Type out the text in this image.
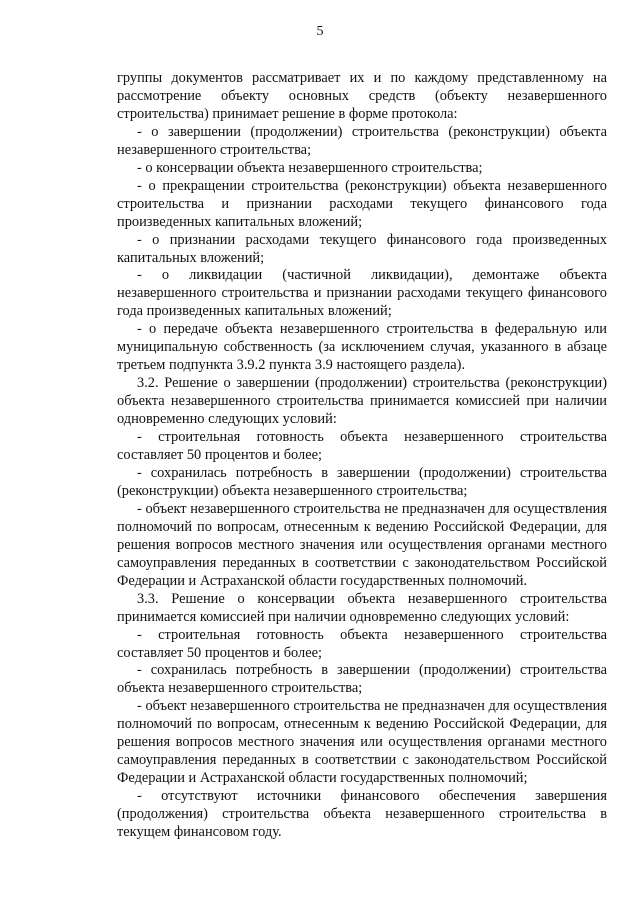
5

группы документов рассматривает их и по каждому представленному на рассмотрение объекту основных средств (объекту незавершенного строительства) принимает решение в форме протокола:

- о завершении (продолжении) строительства (реконструкции) объекта незавершенного строительства;

- о консервации объекта незавершенного строительства;

- о прекращении строительства (реконструкции) объекта незавершенного строительства и признании расходами текущего финансового года произведенных капитальных вложений;

- о признании расходами текущего финансового года произведенных капитальных вложений;

- о ликвидации (частичной ликвидации), демонтаже объекта незавершенного строительства и признании расходами текущего финансового года произведенных капитальных вложений;

- о передаче объекта незавершенного строительства в федеральную или муниципальную собственность (за исключением случая, указанного в абзаце третьем подпункта 3.9.2 пункта 3.9 настоящего раздела).

3.2. Решение о завершении (продолжении) строительства (реконструкции) объекта незавершенного строительства принимается комиссией при наличии одновременно следующих условий:

- строительная готовность объекта незавершенного строительства составляет 50 процентов и более;

- сохранилась потребность в завершении (продолжении) строительства (реконструкции) объекта незавершенного строительства;

- объект незавершенного строительства не предназначен для осуществления полномочий по вопросам, отнесенным к ведению Российской Федерации, для решения вопросов местного значения или осуществления органами местного самоуправления переданных в соответствии с законодательством Российской Федерации и Астраханской области государственных полномочий.

3.3. Решение о консервации объекта незавершенного строительства принимается комиссией при наличии одновременно следующих условий:

- строительная готовность объекта незавершенного строительства составляет 50 процентов и более;

- сохранилась потребность в завершении (продолжении) строительства объекта незавершенного строительства;

- объект незавершенного строительства не предназначен для осуществления полномочий по вопросам, отнесенным к ведению Российской Федерации, для решения вопросов местного значения или осуществления органами местного самоуправления переданных в соответствии с законодательством Российской Федерации и Астраханской области государственных полномочий;

- отсутствуют источники финансового обеспечения завершения (продолжения) строительства объекта незавершенного строительства в текущем финансовом году.
